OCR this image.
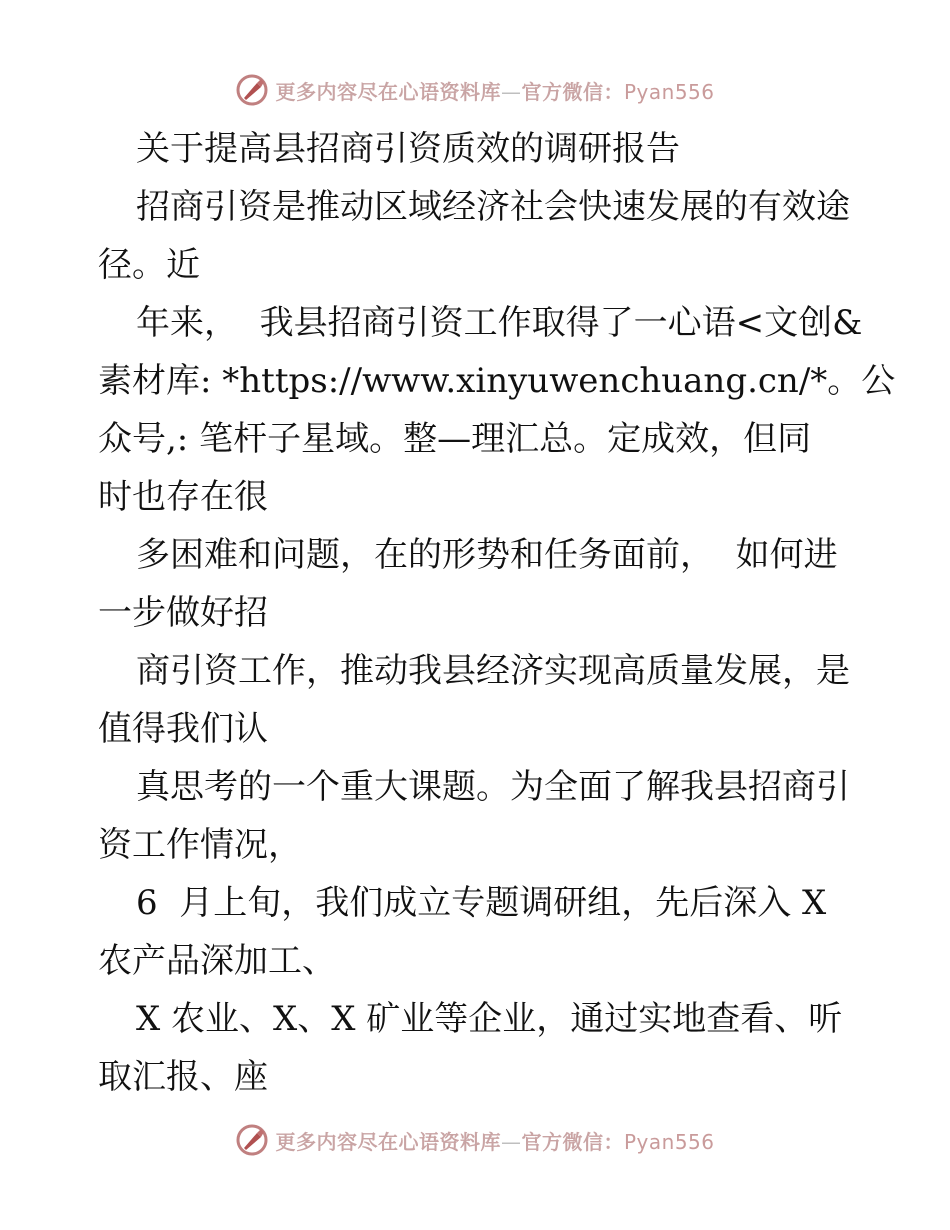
更多内容尽在心语资料库—官方微信：Pyan556
关于提高县招商引资质效的调研报告
招商引资是推动区域经济社会快速发展的有效途
径。近
年来，  我县招商引资工作取得了一心语<文创&
素材库: *https://www.xinyuwenchuang.cn/*。公
众号,: 笔杆子星域。整—理汇总。定成效，但同
时也存在很
多困难和问题，在的形势和任务面前，  如何进
一步做好招
商引资工作，推动我县经济实现高质量发展，是
值得我们认
真思考的一个重大课题。为全面了解我县招商引
资工作情况，
6  月上旬，我们成立专题调研组，先后深入 X
农产品深加工、
X 农业、X、X 矿业等企业，通过实地查看、听
取汇报、座
更多内容尽在心语资料库—官方微信：Pyan556
